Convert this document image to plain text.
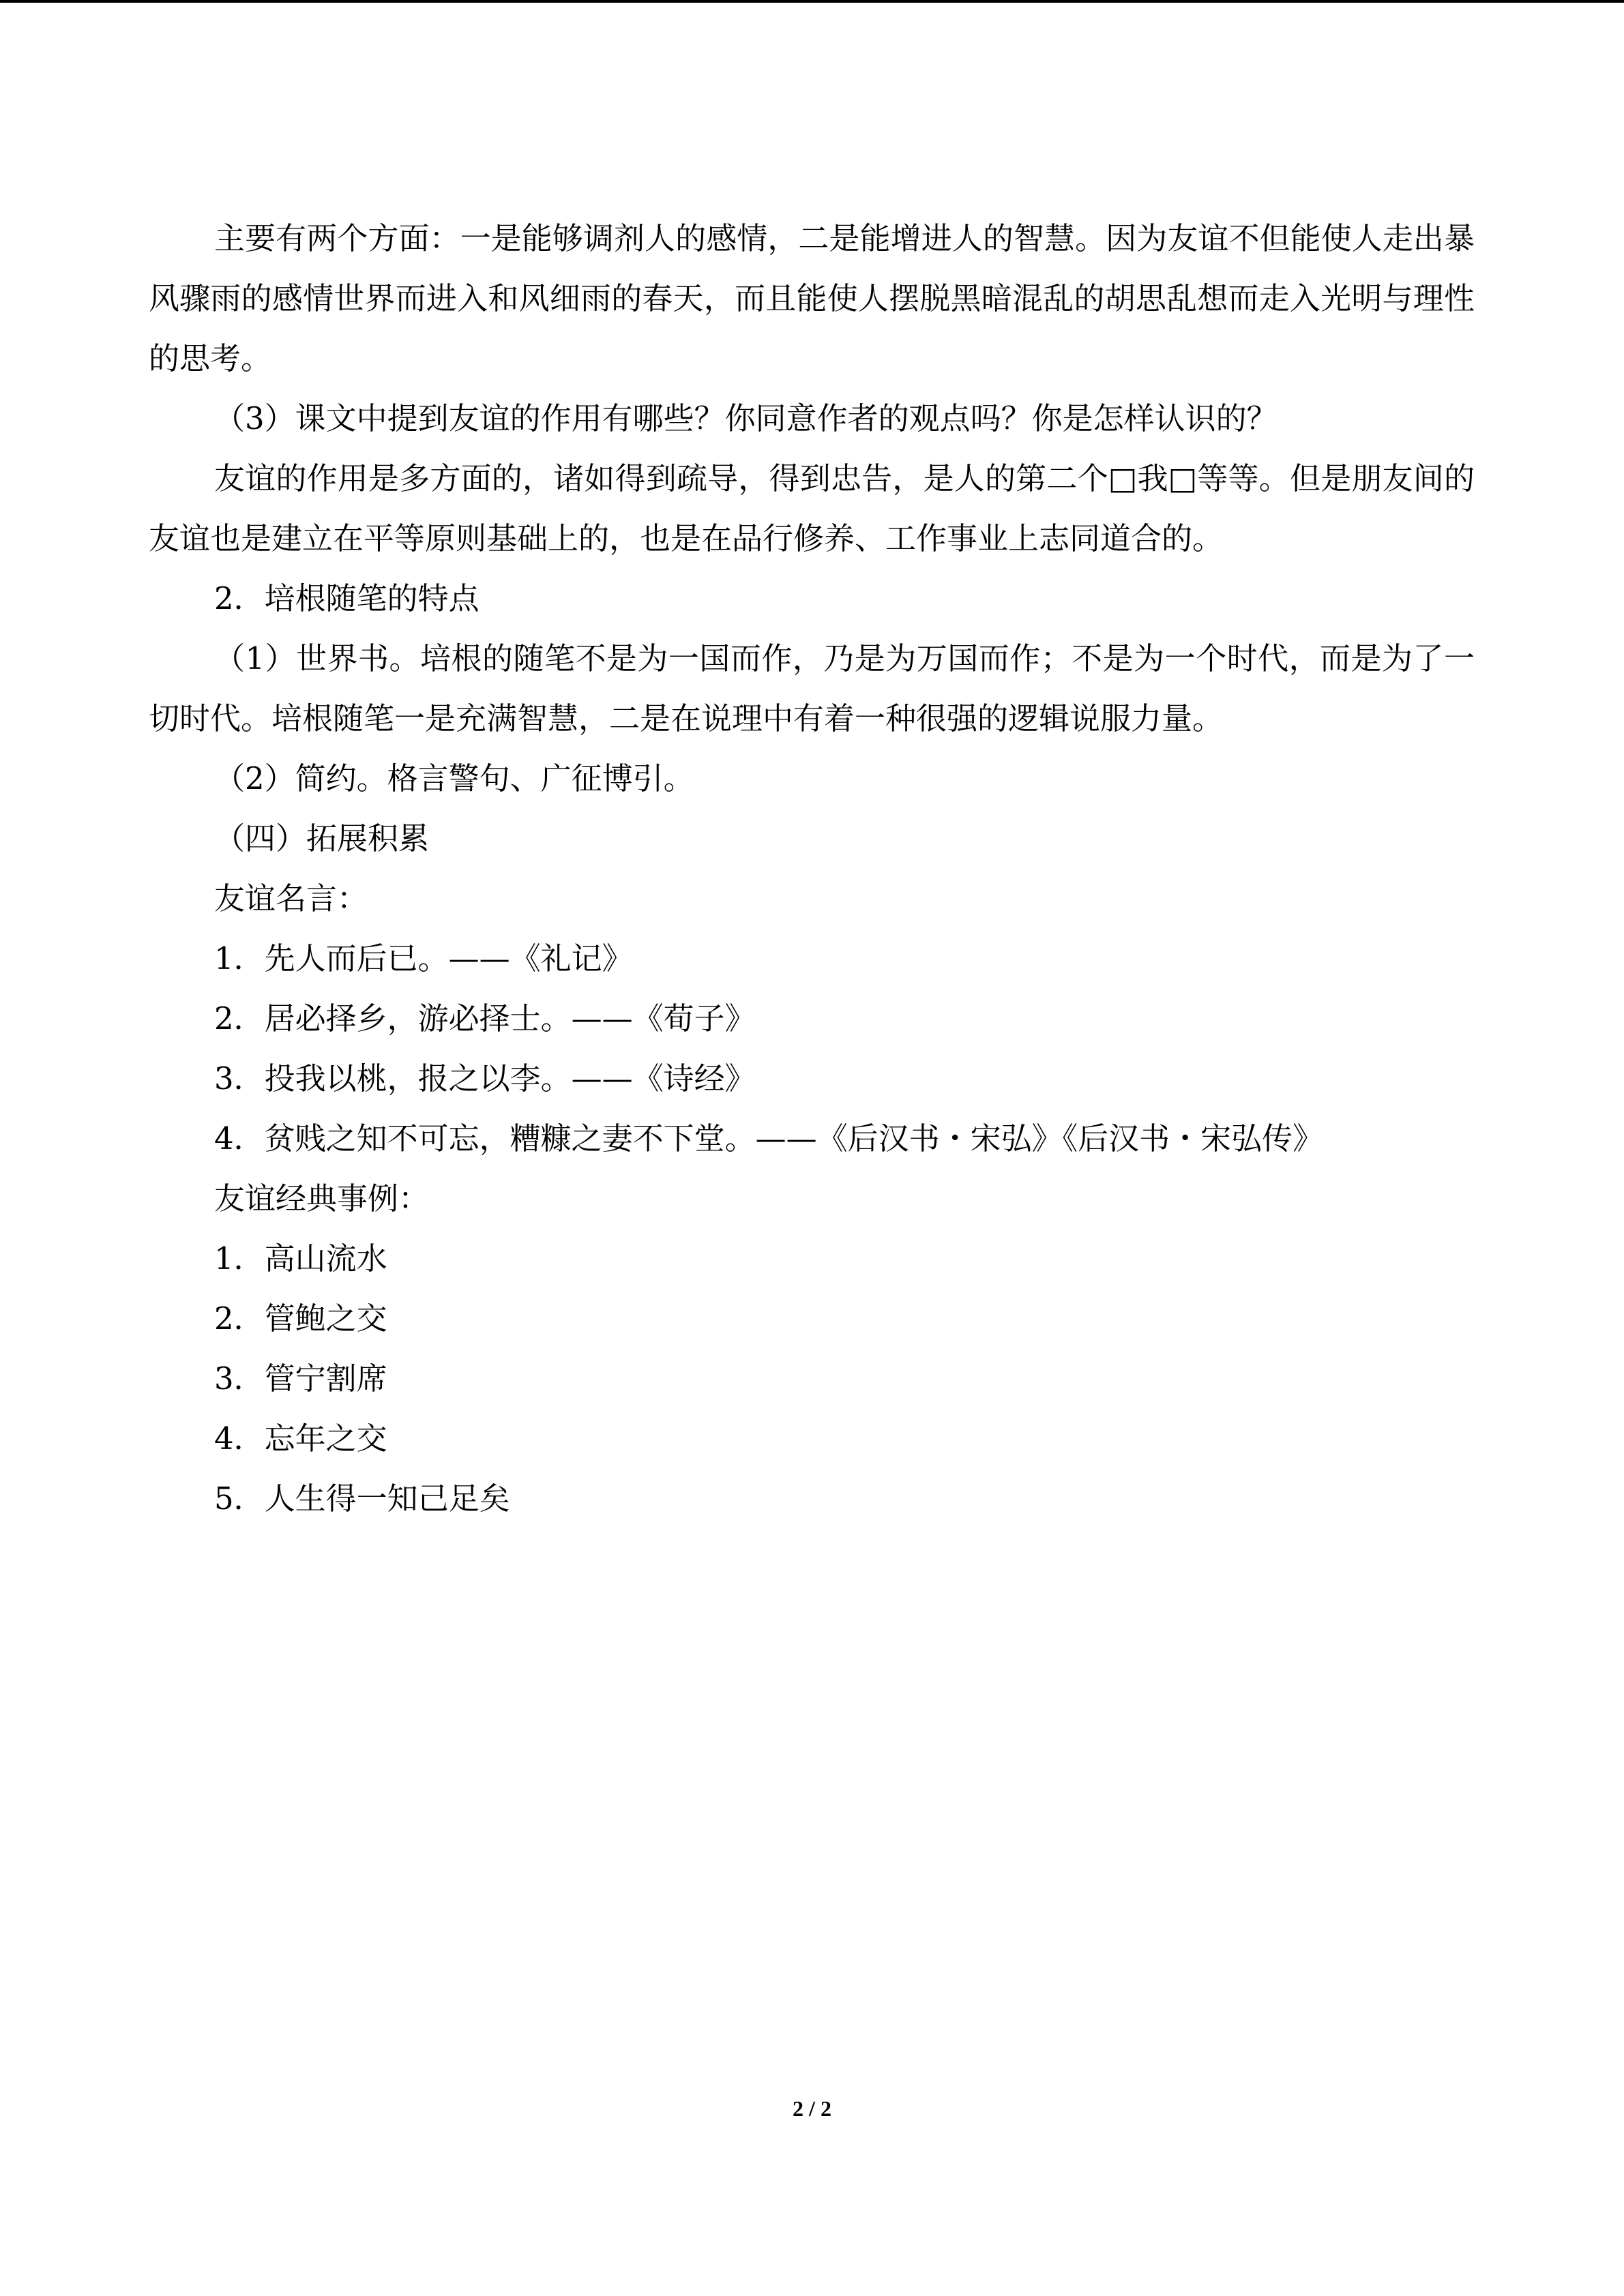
主要有两个方面：一是能够调剂人的感情，二是能增进人的智慧。因为友谊不但能使人走出暴风骤雨的感情世界而进入和风细雨的春天，而且能使人摆脱黑暗混乱的胡思乱想而走入光明与理性的思考。

（3）课文中提到友谊的作用有哪些？你同意作者的观点吗？你是怎样认识的？

友谊的作用是多方面的，诸如得到疏导，得到忠告，是人的第二个□我□等等。但是朋友间的友谊也是建立在平等原则基础上的，也是在品行修养、工作事业上志同道合的。

2．培根随笔的特点

（1）世界书。培根的随笔不是为一国而作，乃是为万国而作；不是为一个时代，而是为了一切时代。培根随笔一是充满智慧，二是在说理中有着一种很强的逻辑说服力量。

（2）简约。格言警句、广征博引。

（四）拓展积累

友谊名言：

1．先人而后已。——《礼记》

2．居必择乡，游必择士。——《荀子》

3．投我以桃，报之以李。——《诗经》

4．贫贱之知不可忘，糟糠之妻不下堂。——《后汉书・宋弘》《后汉书・宋弘传》

友谊经典事例：

1．高山流水

2．管鲍之交

3．管宁割席

4．忘年之交

5．人生得一知己足矣

2 / 2
